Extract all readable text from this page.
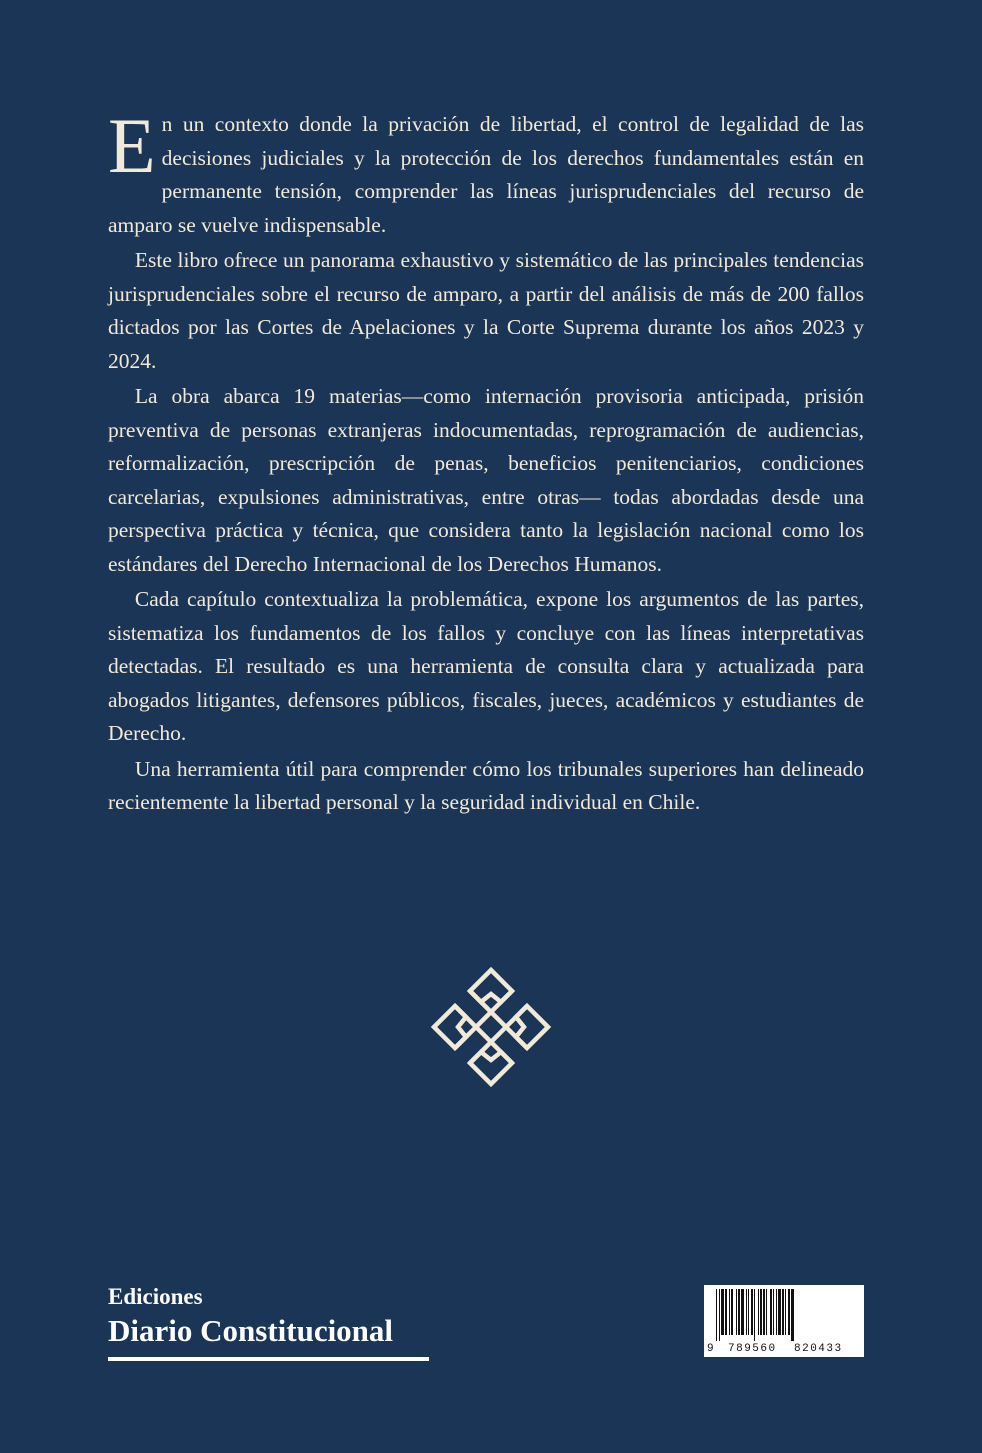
En un contexto donde la privación de libertad, el control de legalidad de las decisiones judiciales y la protección de los derechos fundamentales están en permanente tensión, comprender las líneas jurisprudenciales del recurso de amparo se vuelve indispensable.

Este libro ofrece un panorama exhaustivo y sistemático de las principales tendencias jurisprudenciales sobre el recurso de amparo, a partir del análisis de más de 200 fallos dictados por las Cortes de Apelaciones y la Corte Suprema durante los años 2023 y 2024.

La obra abarca 19 materias—como internación provisoria anticipada, prisión preventiva de personas extranjeras indocumentadas, reprogramación de audiencias, reformalización, prescripción de penas, beneficios penitenciarios, condiciones carcelarias, expulsiones administrativas, entre otras— todas abordadas desde una perspectiva práctica y técnica, que considera tanto la legislación nacional como los estándares del Derecho Internacional de los Derechos Humanos.

Cada capítulo contextualiza la problemática, expone los argumentos de las partes, sistematiza los fundamentos de los fallos y concluye con las líneas interpretativas detectadas. El resultado es una herramienta de consulta clara y actualizada para abogados litigantes, defensores públicos, fiscales, jueces, académicos y estudiantes de Derecho.

Una herramienta útil para comprender cómo los tribunales superiores han delineado recientemente la libertad personal y la seguridad individual en Chile.

Ediciones
Diario Constitucional
9 789560 820433
